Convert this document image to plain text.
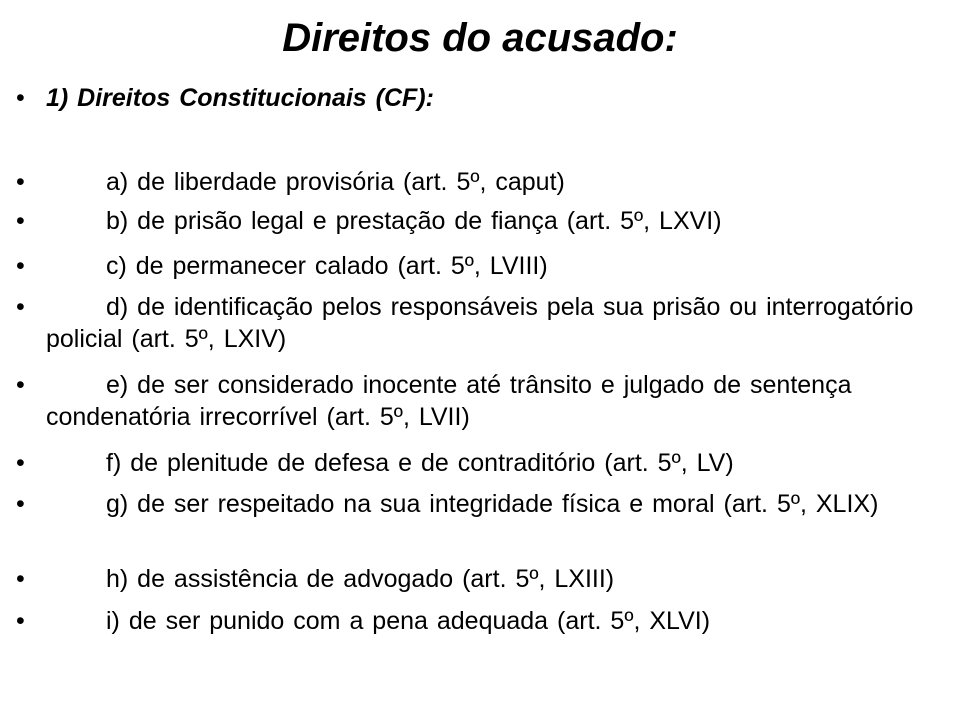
Direitos do acusado:
• 1) Direitos Constitucionais (CF):
•	a) de liberdade provisória (art. 5º, caput)
•	b) de prisão legal e prestação de fiança (art. 5º, LXVI)
•	c) de permanecer calado (art. 5º, LVIII)
•	d) de identificação pelos responsáveis pela sua prisão ou interrogatório policial (art. 5º, LXIV)
•	e) de ser considerado inocente até trânsito e julgado de sentença condenatória irrecorrível (art. 5º, LVII)
•	f) de plenitude de defesa e de contraditório (art. 5º, LV)
•	g) de ser respeitado na sua integridade física e moral (art. 5º, XLIX)
•	h) de assistência de advogado (art. 5º, LXIII)
•	i) de ser punido com a pena adequada (art. 5º, XLVI)
